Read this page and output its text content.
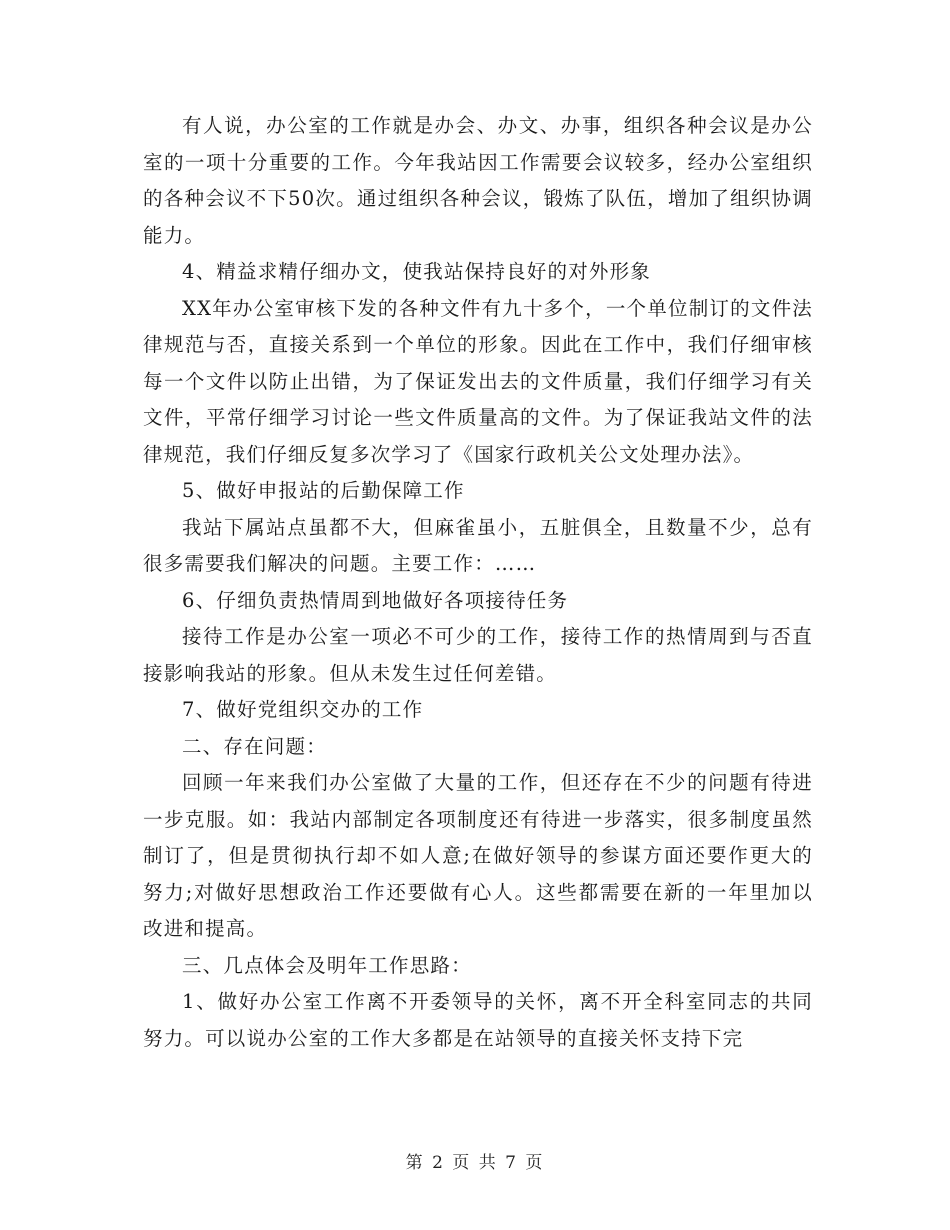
有人说，办公室的工作就是办会、办文、办事，组织各种会议是办公室的一项十分重要的工作。今年我站因工作需要会议较多，经办公室组织的各种会议不下50次。通过组织各种会议，锻炼了队伍，增加了组织协调能力。

4、精益求精仔细办文，使我站保持良好的对外形象

XX年办公室审核下发的各种文件有九十多个，一个单位制订的文件法律规范与否，直接关系到一个单位的形象。因此在工作中，我们仔细审核每一个文件以防止出错，为了保证发出去的文件质量，我们仔细学习有关文件，平常仔细学习讨论一些文件质量高的文件。为了保证我站文件的法律规范，我们仔细反复多次学习了《国家行政机关公文处理办法》。

5、做好申报站的后勤保障工作

我站下属站点虽都不大，但麻雀虽小，五脏俱全，且数量不少，总有很多需要我们解决的问题。主要工作：……

6、仔细负责热情周到地做好各项接待任务

接待工作是办公室一项必不可少的工作，接待工作的热情周到与否直接影响我站的形象。但从未发生过任何差错。

7、做好党组织交办的工作

二、存在问题：

回顾一年来我们办公室做了大量的工作，但还存在不少的问题有待进一步克服。如：我站内部制定各项制度还有待进一步落实，很多制度虽然制订了，但是贯彻执行却不如人意;在做好领导的参谋方面还要作更大的努力;对做好思想政治工作还要做有心人。这些都需要在新的一年里加以改进和提高。

三、几点体会及明年工作思路：

1、做好办公室工作离不开委领导的关怀，离不开全科室同志的共同努力。可以说办公室的工作大多都是在站领导的直接关怀支持下完

第 2 页 共 7 页
